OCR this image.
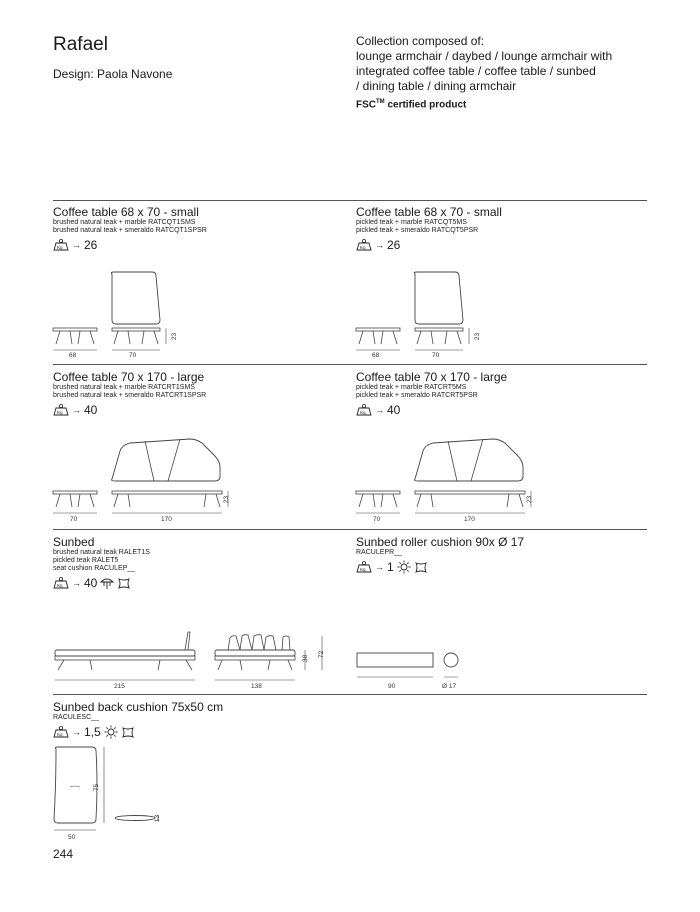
Rafael
Design: Paola Navone
Collection composed of:
lounge armchair / daybed / lounge armchair with
integrated coffee table / coffee table / sunbed
/ dining table / dining armchair
FSC™ certified product
Coffee table 68 x 70 - small
brushed natural teak + marble RATCQT1SMS
brushed natural teak + smeraldo RATCQT1SPSR
Kg → 26
68	70
23
Coffee table 68 x 70 - small
pickled teak + marble RATCQT5MS
pickled teak + smeraldo RATCQT5PSR
Kg → 26
68	70
23
Coffee table 70 x 170 - large
brushed natural teak + marble RATCRT1SMS
brushed natural teak + smeraldo RATCRT1SPSR
Kg → 40
70	170
23
Coffee table 70 x 170 - large
pickled teak + marble RATCRT5MS
pickled teak + smeraldo RATCRT5PSR
Kg → 40
70	170
23
Sunbed
brushed natural teak RALET1S
pickled teak RALET5
seat cushion RACULEP__
Kg → 40
215	138
38
72
Sunbed roller cushion 90x Ø 17
RACULEPR__
Kg → 1
90	Ø 17
Sunbed back cushion 75x50 cm
RACULESC__
Kg → 1,5
50
75
13
244
